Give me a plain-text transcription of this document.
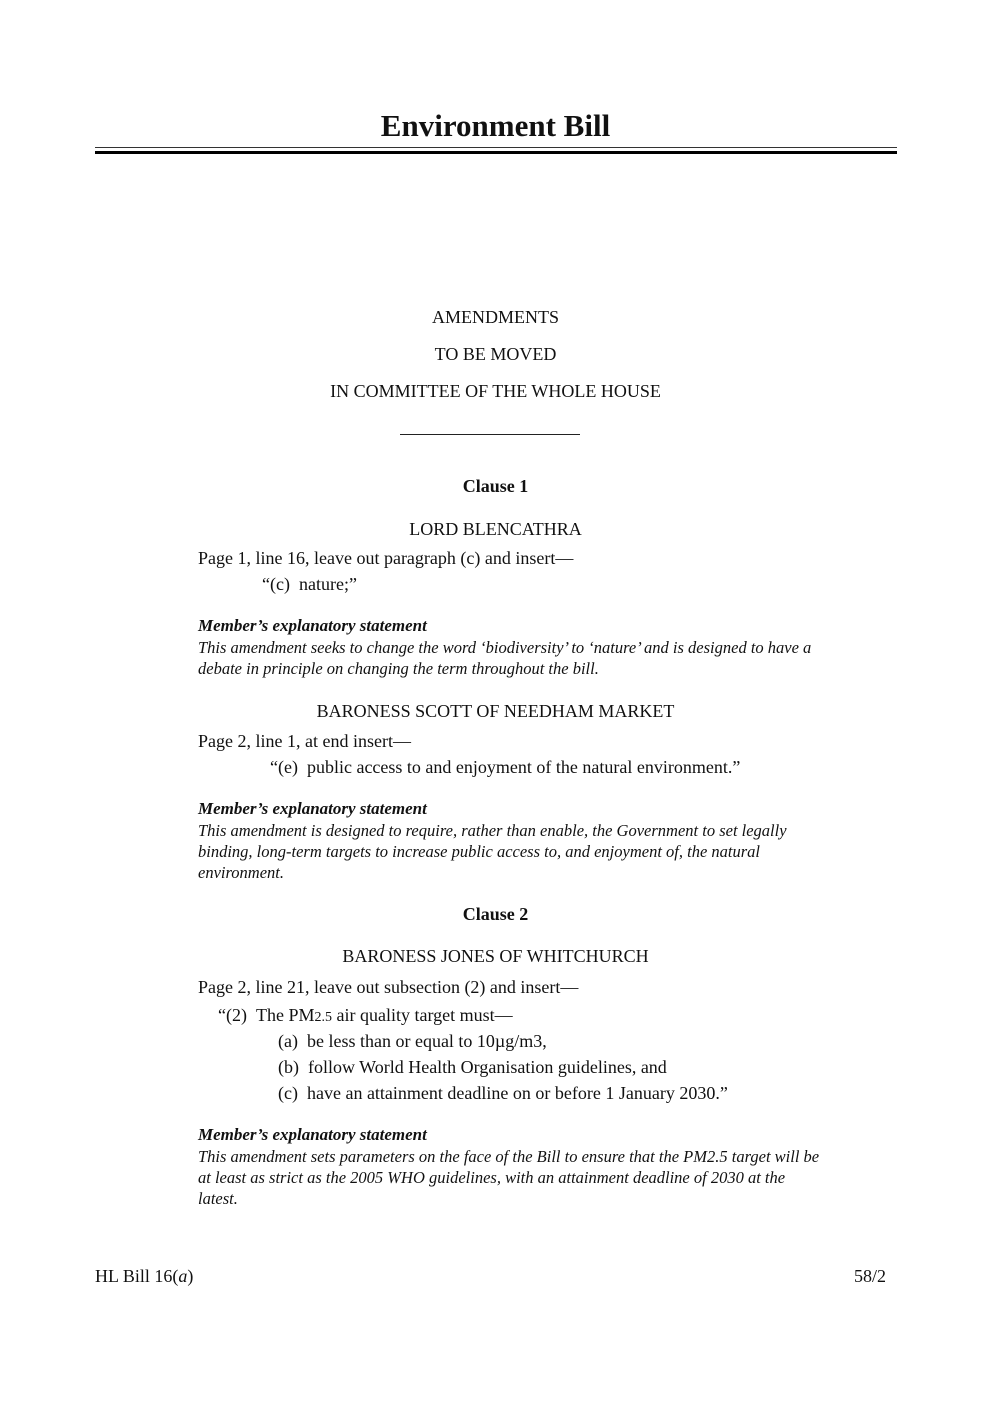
Environment Bill
AMENDMENTS
TO BE MOVED
IN COMMITTEE OF THE WHOLE HOUSE
Clause 1
LORD BLENCATHRA
Page 1, line 16, leave out paragraph (c) and insert—
“(c) nature;”
Member’s explanatory statement
This amendment seeks to change the word ‘biodiversity’ to ‘nature’ and is designed to have a
debate in principle on changing the term throughout the bill.
BARONESS SCOTT OF NEEDHAM MARKET
Page 2, line 1, at end insert—
“(e) public access to and enjoyment of the natural environment.”
Member’s explanatory statement
This amendment is designed to require, rather than enable, the Government to set legally
binding, long-term targets to increase public access to, and enjoyment of, the natural
environment.
Clause 2
BARONESS JONES OF WHITCHURCH
Page 2, line 21, leave out subsection (2) and insert—
“(2) The PM2.5 air quality target must—
(a) be less than or equal to 10µg/m3,
(b) follow World Health Organisation guidelines, and
(c) have an attainment deadline on or before 1 January 2030.”
Member’s explanatory statement
This amendment sets parameters on the face of the Bill to ensure that the PM2.5 target will be
at least as strict as the 2005 WHO guidelines, with an attainment deadline of 2030 at the
latest.
HL Bill 16(a)	58/2
